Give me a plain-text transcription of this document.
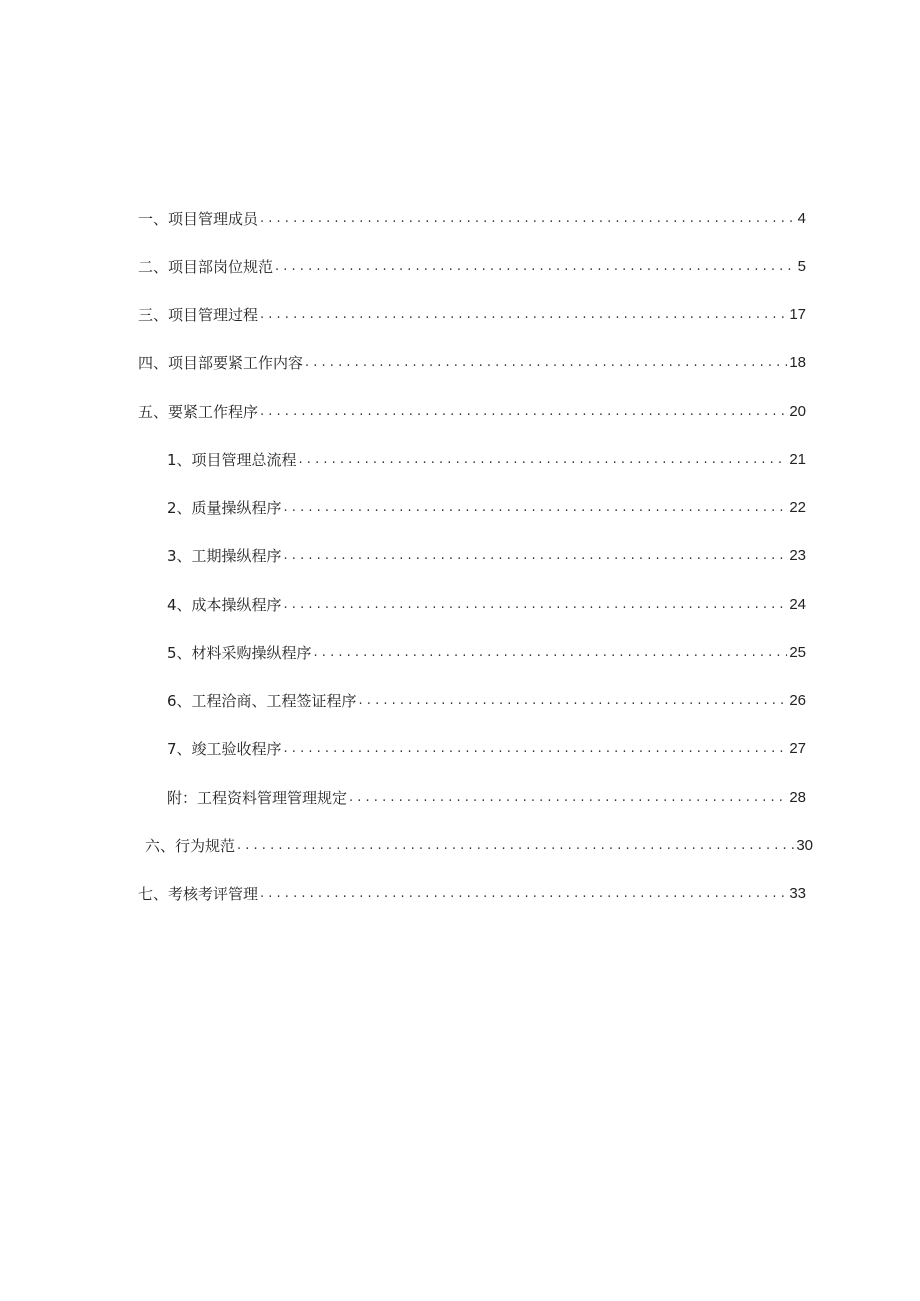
一、项目管理成员 . . .	4
二、项目部岗位规范 . . .	5
三、项目管理过程 . . .	17
四、项目部要紧工作内容 . . .	18
五、要紧工作程序 . . .	20
1、项目管理总流程 . . .	21
2、质量操纵程序 . . .	22
3、工期操纵程序 . . .	23
4、成本操纵程序 . . .	24
5、材料采购操纵程序 . . .	25
6、工程洽商、工程签证程序 . . .	26
7、竣工验收程序 . . .	27
附：工程资料管理管理规定 . . .	28
六、行为规范 . . .	30
七、考核考评管理 . . .	33
